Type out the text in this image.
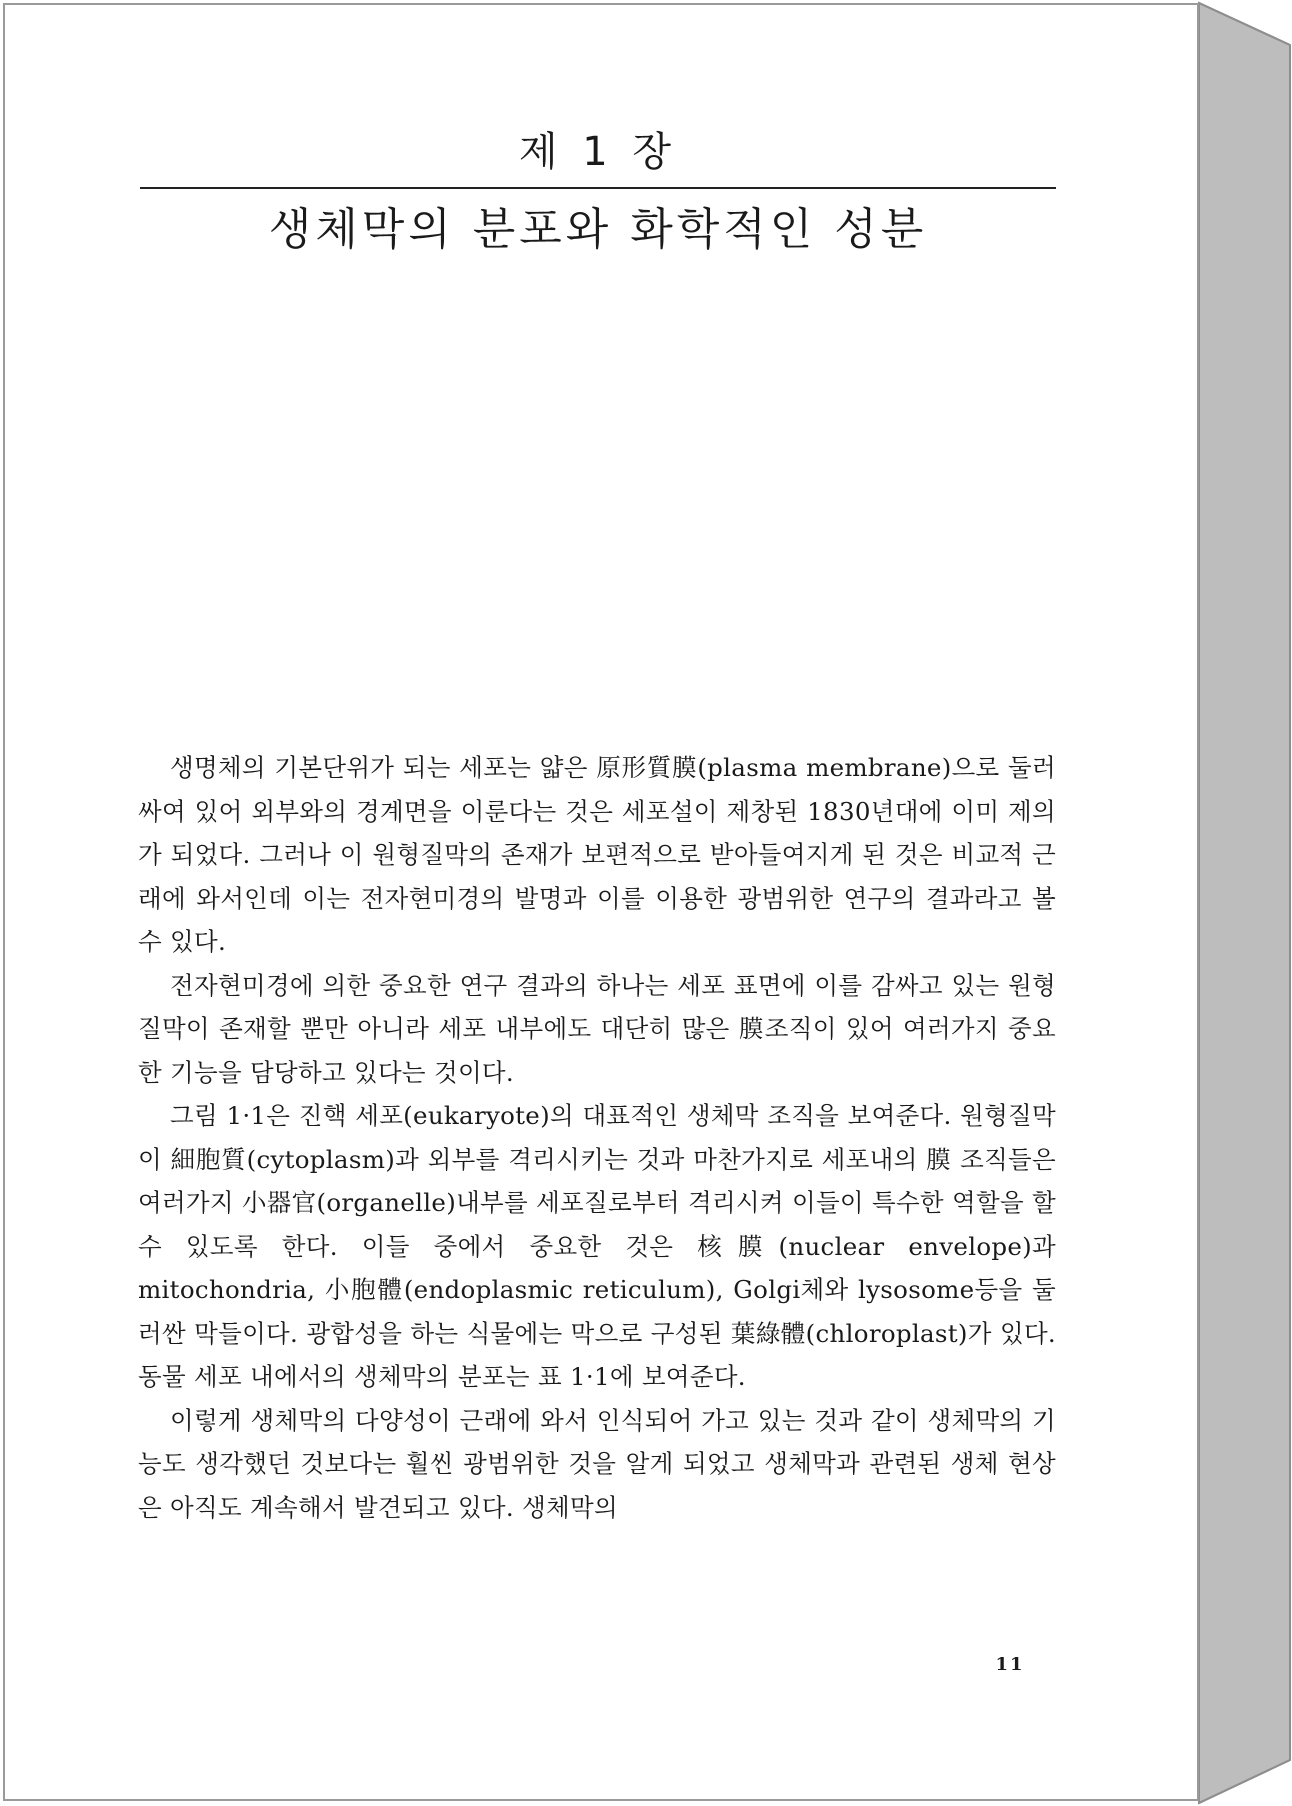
제 1 장
생체막의 분포와 화학적인 성분

생명체의 기본단위가 되는 세포는 얇은 原形質膜(plasma membrane)으로 둘러싸여 있어 외부와의 경계면을 이룬다는 것은 세포설이 제창된 1830년대에 이미 제의가 되었다. 그러나 이 원형질막의 존재가 보편적으로 받아들여지게 된 것은 비교적 근래에 와서인데 이는 전자현미경의 발명과 이를 이용한 광범위한 연구의 결과라고 볼 수 있다.

전자현미경에 의한 중요한 연구 결과의 하나는 세포 표면에 이를 감싸고 있는 원형질막이 존재할 뿐만 아니라 세포 내부에도 대단히 많은 膜조직이 있어 여러가지 중요한 기능을 담당하고 있다는 것이다.

그림 1·1은 진핵 세포(eukaryote)의 대표적인 생체막 조직을 보여준다. 원형질막이 細胞質(cytoplasm)과 외부를 격리시키는 것과 마찬가지로 세포내의 膜 조직들은 여러가지 小器官(organelle)내부를 세포질로부터 격리시켜 이들이 특수한 역할을 할 수 있도록 한다. 이들 중에서 중요한 것은 核膜(nuclear envelope)과 mitochondria, 小胞體(endoplasmic reticulum), Golgi체와 lysosome등을 둘러싼 막들이다. 광합성을 하는 식물에는 막으로 구성된 葉綠體(chloroplast)가 있다. 동물 세포 내에서의 생체막의 분포는 표 1·1에 보여준다.

이렇게 생체막의 다양성이 근래에 와서 인식되어 가고 있는 것과 같이 생체막의 기능도 생각했던 것보다는 훨씬 광범위한 것을 알게 되었고 생체막과 관련된 생체 현상은 아직도 계속해서 발견되고 있다. 생체막의

11
